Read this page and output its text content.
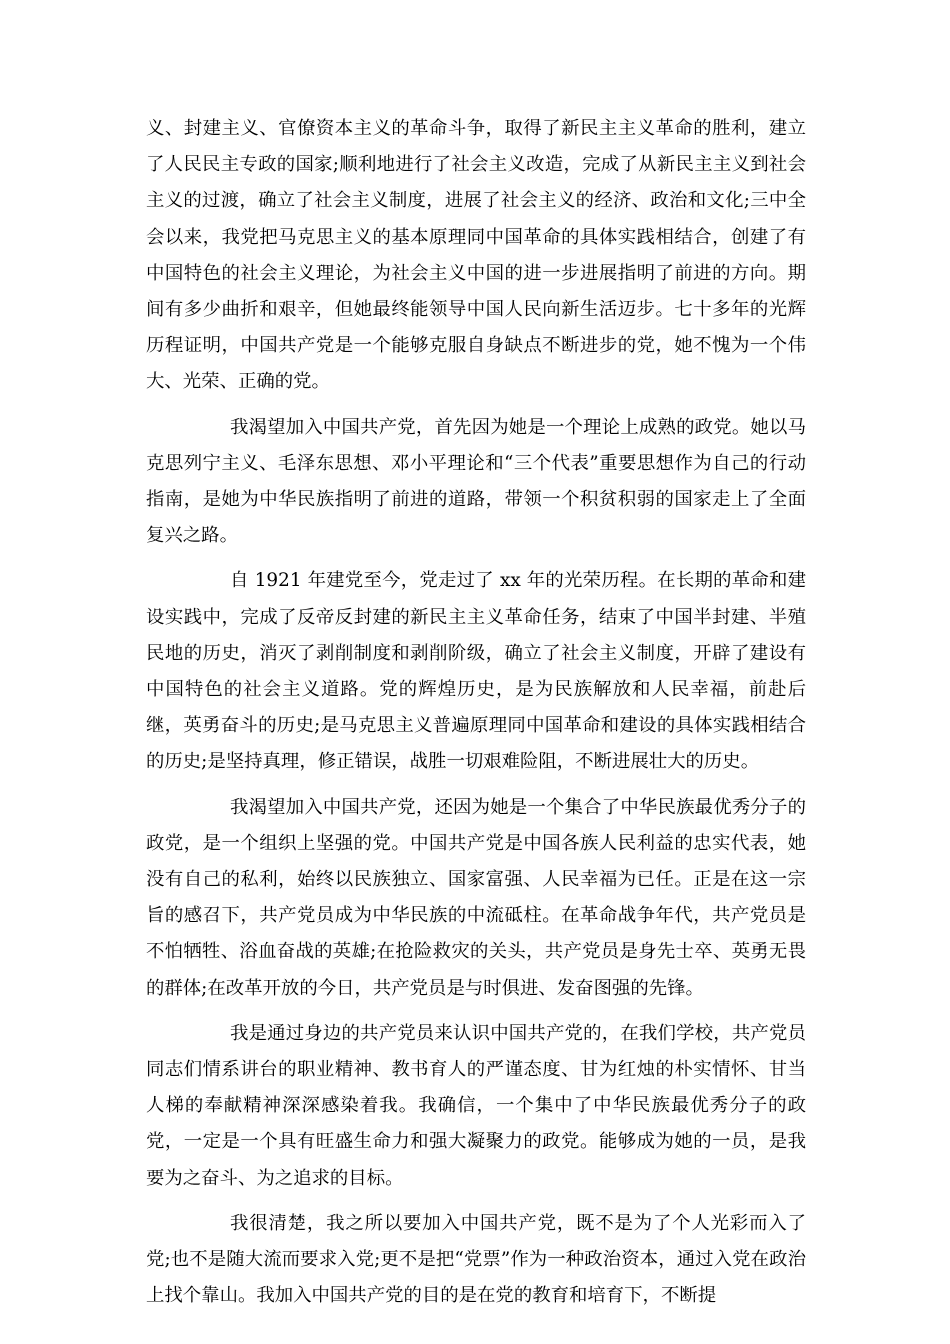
义、封建主义、官僚资本主义的革命斗争，取得了新民主主义革命的胜利，建立了人民民主专政的国家;顺利地进行了社会主义改造，完成了从新民主主义到社会主义的过渡，确立了社会主义制度，进展了社会主义的经济、政治和文化;三中全会以来，我党把马克思主义的基本原理同中国革命的具体实践相结合，创建了有中国特色的社会主义理论，为社会主义中国的进一步进展指明了前进的方向。期间有多少曲折和艰辛，但她最终能领导中国人民向新生活迈步。七十多年的光辉历程证明，中国共产党是一个能够克服自身缺点不断进步的党，她不愧为一个伟大、光荣、正确的党。

我渴望加入中国共产党，首先因为她是一个理论上成熟的政党。她以马克思列宁主义、毛泽东思想、邓小平理论和“三个代表”重要思想作为自己的行动指南，是她为中华民族指明了前进的道路，带领一个积贫积弱的国家走上了全面复兴之路。

自 1921 年建党至今，党走过了 xx 年的光荣历程。在长期的革命和建设实践中，完成了反帝反封建的新民主主义革命任务，结束了中国半封建、半殖民地的历史，消灭了剥削制度和剥削阶级，确立了社会主义制度，开辟了建设有中国特色的社会主义道路。党的辉煌历史，是为民族解放和人民幸福，前赴后继，英勇奋斗的历史;是马克思主义普遍原理同中国革命和建设的具体实践相结合的历史;是坚持真理，修正错误，战胜一切艰难险阻，不断进展壮大的历史。

我渴望加入中国共产党，还因为她是一个集合了中华民族最优秀分子的政党，是一个组织上坚强的党。中国共产党是中国各族人民利益的忠实代表，她没有自己的私利，始终以民族独立、国家富强、人民幸福为已任。正是在这一宗旨的感召下，共产党员成为中华民族的中流砥柱。在革命战争年代，共产党员是不怕牺牲、浴血奋战的英雄;在抢险救灾的关头，共产党员是身先士卒、英勇无畏的群体;在改革开放的今日，共产党员是与时俱进、发奋图强的先锋。

我是通过身边的共产党员来认识中国共产党的，在我们学校，共产党员同志们情系讲台的职业精神、教书育人的严谨态度、甘为红烛的朴实情怀、甘当人梯的奉献精神深深感染着我。我确信，一个集中了中华民族最优秀分子的政党，一定是一个具有旺盛生命力和强大凝聚力的政党。能够成为她的一员，是我要为之奋斗、为之追求的目标。

我很清楚，我之所以要加入中国共产党，既不是为了个人光彩而入了党;也不是随大流而要求入党;更不是把“党票”作为一种政治资本，通过入党在政治上找个靠山。我加入中国共产党的目的是在党的教育和培育下，不断提
